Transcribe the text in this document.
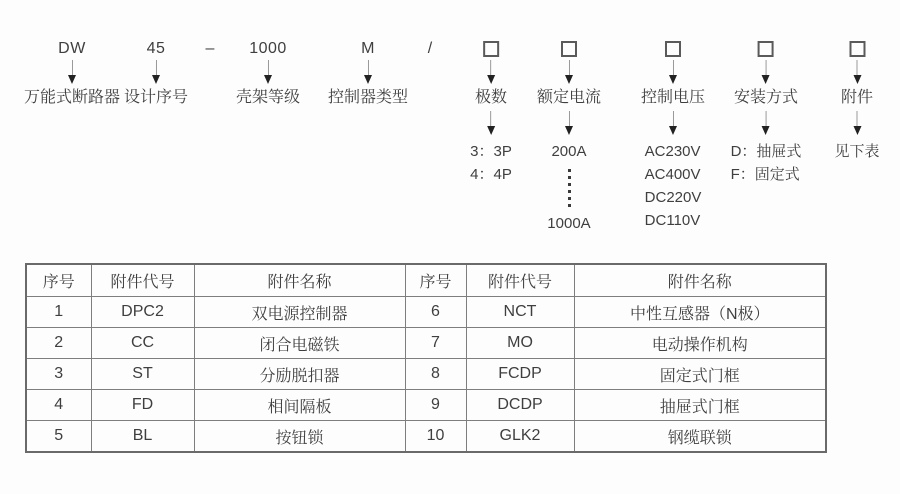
–	/
DW
万能式断路器
45
设计序号
1000
壳架等级
M
控制器类型	极数
3：3P
4：4P
额定电流
200A
1000A
控制电压
AC230V
AC400V
DC220V
DC110V
安装方式
D：抽屉式
F：固定式
附件
见下表
序号	附件代号	附件名称	序号	附件代号	附件名称
1	DPC2	双电源控制器	6	NCT	中性互感器（N极）
2	CC	闭合电磁铁	7	MO	电动操作机构
3	ST	分励脱扣器	8	FCDP	固定式门框
4	FD	相间隔板	9	DCDP	抽屉式门框
5	BL	按钮锁	10	GLK2	钢缆联锁
